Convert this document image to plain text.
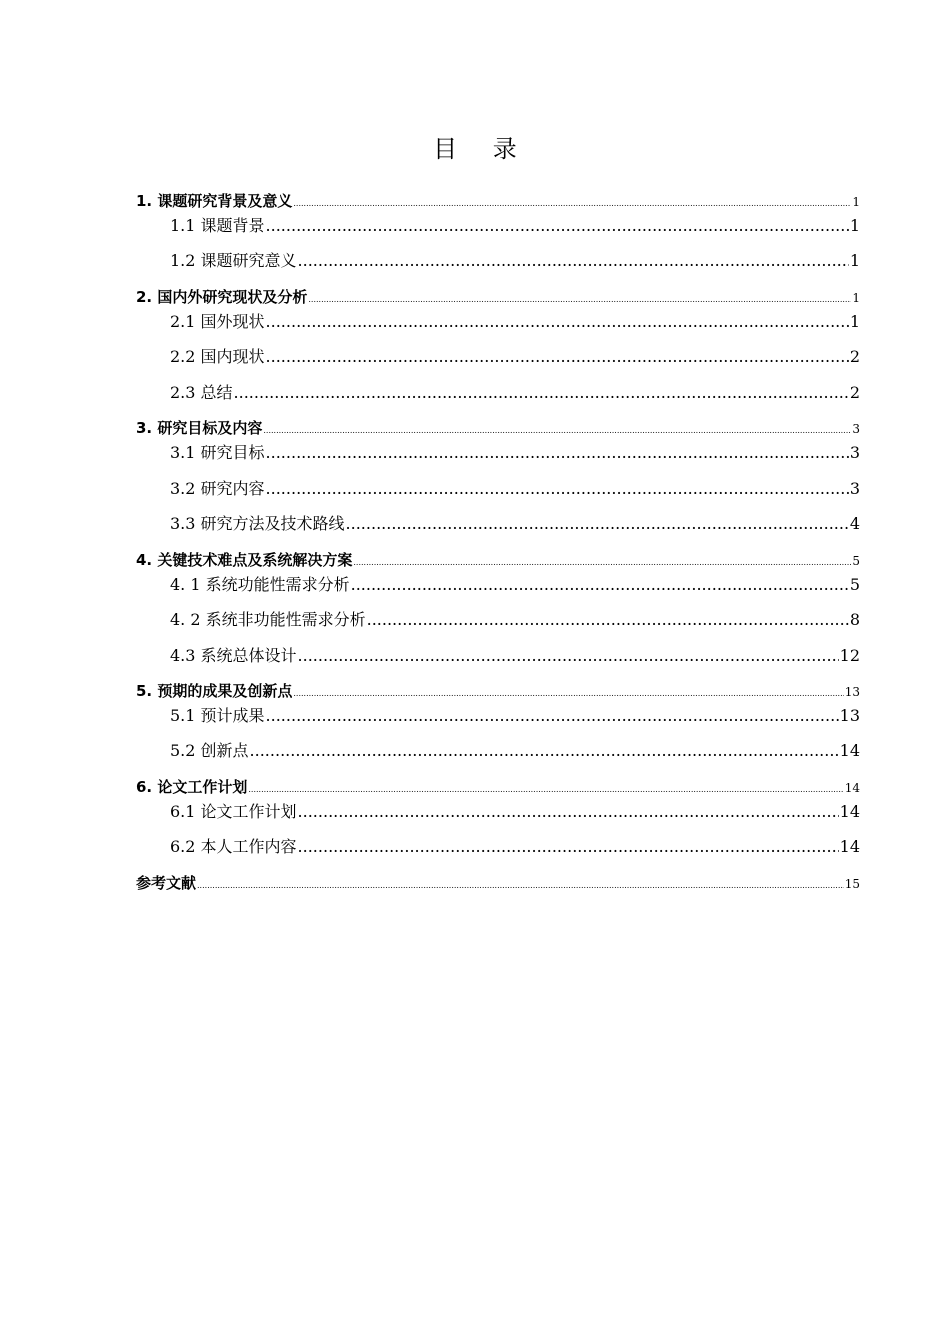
目 录
1. 课题研究背景及意义 .....	1
1.1 课题背景 .....	1
1.2 课题研究意义 .....	1
2. 国内外研究现状及分析 .....	1
2.1 国外现状 .....	1
2.2 国内现状 .....	2
2.3 总结 .....	2
3. 研究目标及内容 .....	3
3.1 研究目标 .....	3
3.2 研究内容 .....	3
3.3 研究方法及技术路线 .....	4
4. 关键技术难点及系统解决方案 .....	5
4. 1 系统功能性需求分析 .....	5
4. 2 系统非功能性需求分析 .....	8
4.3 系统总体设计 .....	12
5. 预期的成果及创新点 .....	13
5.1 预计成果 .....	13
5.2 创新点 .....	14
6. 论文工作计划 .....	14
6.1 论文工作计划 .....	14
6.2 本人工作内容 .....	14
参考文献 .....	15
